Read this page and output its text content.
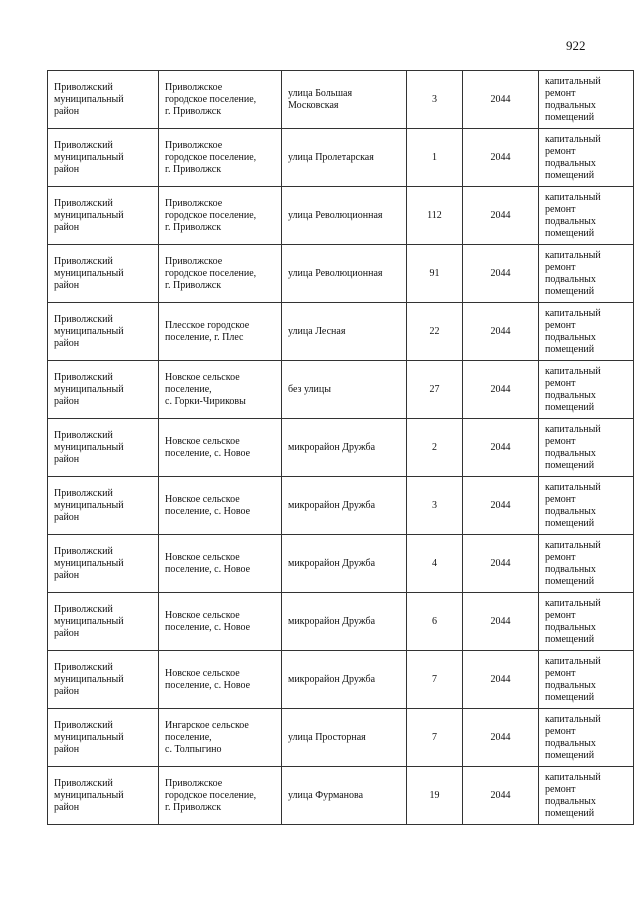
922
Приволжский
муниципальный
район	Приволжское
городское поселение,
г. Приволжск	улица Большая
Московская	3	2044	капитальный
ремонт
подвальных
помещений

Приволжский
муниципальный
район	Приволжское
городское поселение,
г. Приволжск	улица Пролетарская	1	2044	капитальный
ремонт
подвальных
помещений

Приволжский
муниципальный
район	Приволжское
городское поселение,
г. Приволжск	улица Революционная	112	2044	капитальный
ремонт
подвальных
помещений

Приволжский
муниципальный
район	Приволжское
городское поселение,
г. Приволжск	улица Революционная	91	2044	капитальный
ремонт
подвальных
помещений

Приволжский
муниципальный
район	Плесское городское
поселение, г. Плес	улица Лесная	22	2044	капитальный
ремонт
подвальных
помещений

Приволжский
муниципальный
район	Новское сельское
поселение,
с. Горки-Чириковы	без улицы	27	2044	капитальный
ремонт
подвальных
помещений

Приволжский
муниципальный
район	Новское сельское
поселение, с. Новое	микрорайон Дружба	2	2044	капитальный
ремонт
подвальных
помещений

Приволжский
муниципальный
район	Новское сельское
поселение, с. Новое	микрорайон Дружба	3	2044	капитальный
ремонт
подвальных
помещений

Приволжский
муниципальный
район	Новское сельское
поселение, с. Новое	микрорайон Дружба	4	2044	капитальный
ремонт
подвальных
помещений

Приволжский
муниципальный
район	Новское сельское
поселение, с. Новое	микрорайон Дружба	6	2044	капитальный
ремонт
подвальных
помещений

Приволжский
муниципальный
район	Новское сельское
поселение, с. Новое	микрорайон Дружба	7	2044	капитальный
ремонт
подвальных
помещений

Приволжский
муниципальный
район	Ингарское сельское
поселение,
с. Толпыгино	улица Просторная	7	2044	капитальный
ремонт
подвальных
помещений

Приволжский
муниципальный
район	Приволжское
городское поселение,
г. Приволжск	улица Фурманова	19	2044	капитальный
ремонт
подвальных
помещений
